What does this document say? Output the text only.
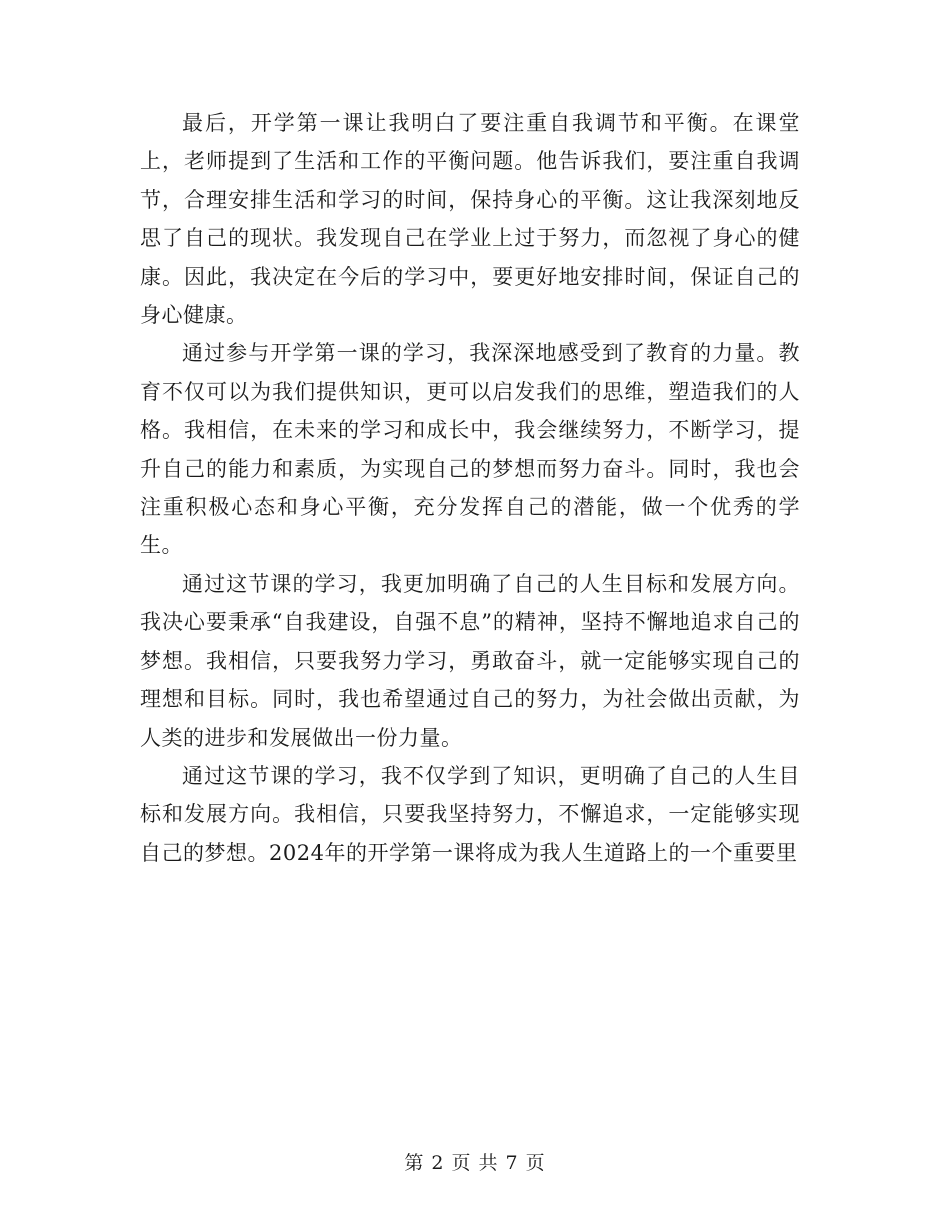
最后，开学第一课让我明白了要注重自我调节和平衡。在课堂上，老师提到了生活和工作的平衡问题。他告诉我们，要注重自我调节，合理安排生活和学习的时间，保持身心的平衡。这让我深刻地反思了自己的现状。我发现自己在学业上过于努力，而忽视了身心的健康。因此，我决定在今后的学习中，要更好地安排时间，保证自己的身心健康。

通过参与开学第一课的学习，我深深地感受到了教育的力量。教育不仅可以为我们提供知识，更可以启发我们的思维，塑造我们的人格。我相信，在未来的学习和成长中，我会继续努力，不断学习，提升自己的能力和素质，为实现自己的梦想而努力奋斗。同时，我也会注重积极心态和身心平衡，充分发挥自己的潜能，做一个优秀的学生。

通过这节课的学习，我更加明确了自己的人生目标和发展方向。我决心要秉承“自我建设，自强不息”的精神，坚持不懈地追求自己的梦想。我相信，只要我努力学习，勇敢奋斗，就一定能够实现自己的理想和目标。同时，我也希望通过自己的努力，为社会做出贡献，为人类的进步和发展做出一份力量。

通过这节课的学习，我不仅学到了知识，更明确了自己的人生目标和发展方向。我相信，只要我坚持努力，不懈追求，一定能够实现自己的梦想。2024年的开学第一课将成为我人生道路上的一个重要里

第 2 页 共 7 页
